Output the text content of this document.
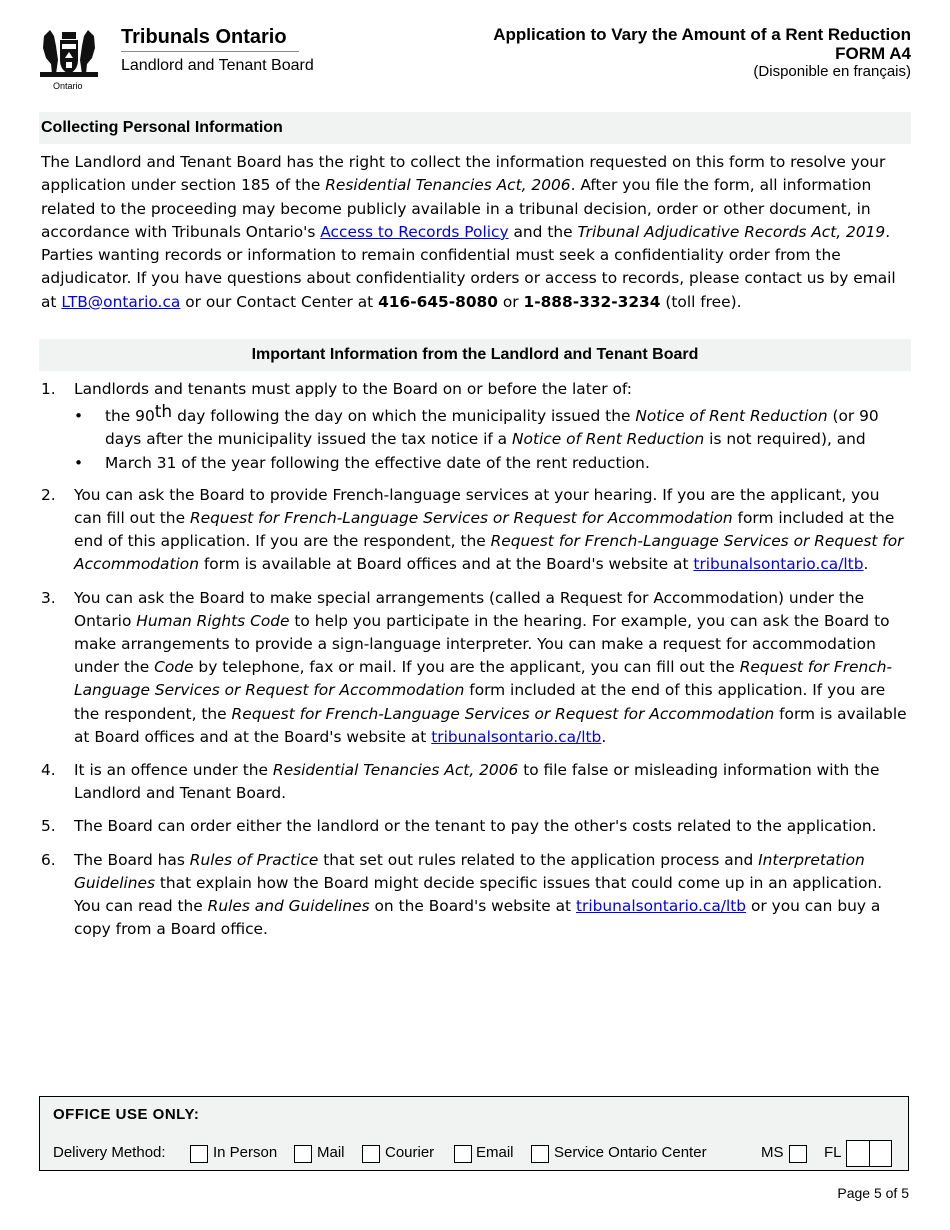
Ontario
Tribunals Ontario
Landlord and Tenant Board
Application to Vary the Amount of a Rent Reduction
FORM A4
(Disponible en français)
Collecting Personal Information
The Landlord and Tenant Board has the right to collect the information requested on this form to resolve your application under section 185 of the Residential Tenancies Act, 2006. After you file the form, all information related to the proceeding may become publicly available in a tribunal decision, order or other document, in accordance with Tribunals Ontario's Access to Records Policy and the Tribunal Adjudicative Records Act, 2019. Parties wanting records or information to remain confidential must seek a confidentiality order from the adjudicator. If you have questions about confidentiality orders or access to records, please contact us by email at LTB@ontario.ca or our Contact Center at 416-645-8080 or 1-888-332-3234 (toll free).
Important Information from the Landlord and Tenant Board
1. Landlords and tenants must apply to the Board on or before the later of:
• the 90th day following the day on which the municipality issued the Notice of Rent Reduction (or 90 days after the municipality issued the tax notice if a Notice of Rent Reduction is not required), and
• March 31 of the year following the effective date of the rent reduction.
2. You can ask the Board to provide French-language services at your hearing. If you are the applicant, you can fill out the Request for French-Language Services or Request for Accommodation form included at the end of this application. If you are the respondent, the Request for French-Language Services or Request for Accommodation form is available at Board offices and at the Board's website at tribunalsontario.ca/ltb.
3. You can ask the Board to make special arrangements (called a Request for Accommodation) under the Ontario Human Rights Code to help you participate in the hearing. For example, you can ask the Board to make arrangements to provide a sign-language interpreter. You can make a request for accommodation under the Code by telephone, fax or mail. If you are the applicant, you can fill out the Request for French-Language Services or Request for Accommodation form included at the end of this application. If you are the respondent, the Request for French-Language Services or Request for Accommodation form is available at Board offices and at the Board's website at tribunalsontario.ca/ltb.
4. It is an offence under the Residential Tenancies Act, 2006 to file false or misleading information with the Landlord and Tenant Board.
5. The Board can order either the landlord or the tenant to pay the other's costs related to the application.
6. The Board has Rules of Practice that set out rules related to the application process and Interpretation Guidelines that explain how the Board might decide specific issues that could come up in an application. You can read the Rules and Guidelines on the Board's website at tribunalsontario.ca/ltb or you can buy a copy from a Board office.
OFFICE USE ONLY:
Delivery Method:	In Person	Mail	Courier	Email	Service Ontario Center	MS	FL
Page 5 of 5
